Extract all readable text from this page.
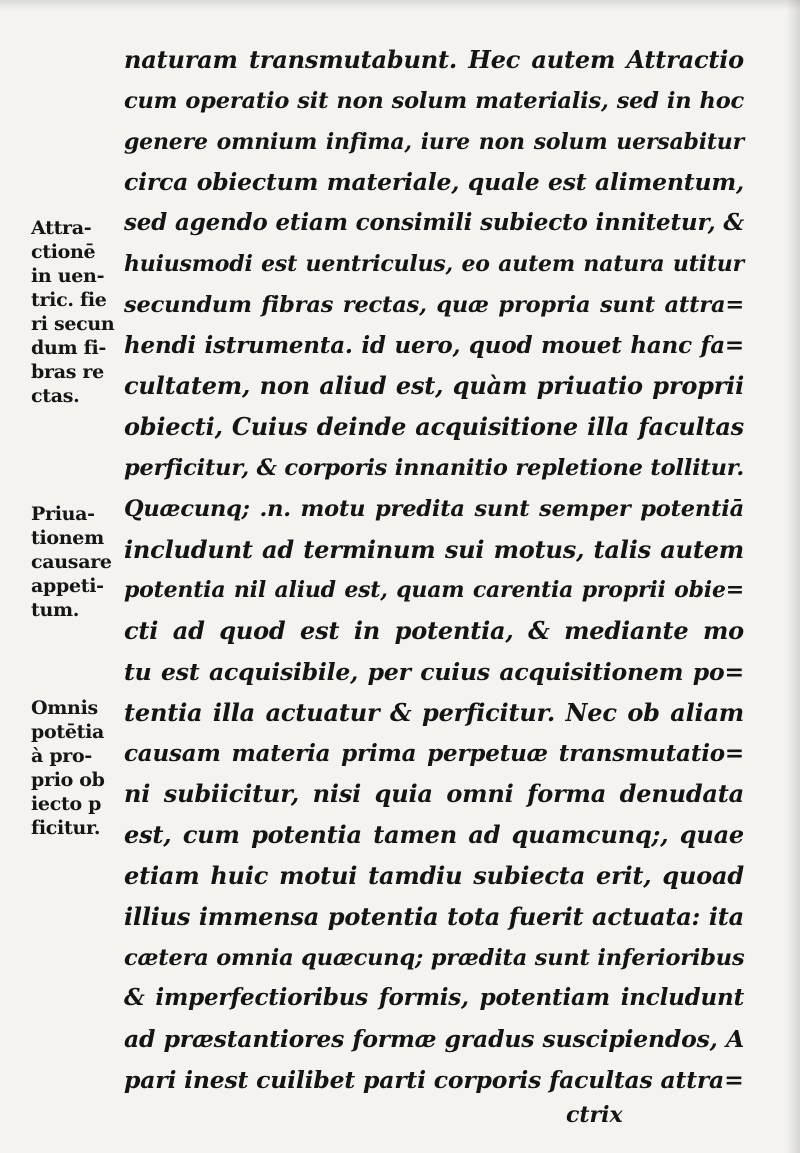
naturam transmutabunt. Hec autem Attractio
cum operatio sit non solum materialis, sed in hoc
genere omnium infima, iure non solum uersabitur
circa obiectum materiale, quale est alimentum,
sed agendo etiam consimili subiecto innitetur, &
huiusmodi est uentriculus, eo autem natura utitur
secundum fibras rectas, quæ propria sunt attra=
hendi istrumenta. id uero, quod mouet hanc fa=
cultatem, non aliud est, quàm priuatio proprii
obiecti, Cuius deinde acquisitione illa facultas
perficitur, & corporis innanitio repletione tollitur.
Quæcunq; .n. motu predita sunt semper potentiā
includunt ad terminum sui motus, talis autem
potentia nil aliud est, quam carentia proprii obie=
cti ad quod est in potentia, & mediante mo
tu est acquisibile, per cuius acquisitionem po=
tentia illa actuatur & perficitur. Nec ob aliam
causam materia prima perpetuæ transmutatio=
ni subiicitur, nisi quia omni forma denudata
est, cum potentia tamen ad quamcunq;, quae
etiam huic motui tamdiu subiecta erit, quoad
illius immensa potentia tota fuerit actuata: ita
cætera omnia quæcunq; prædita sunt inferioribus
& imperfectioribus formis, potentiam includunt
ad præstantiores formæ gradus suscipiendos, A
pari inest cuilibet parti corporis facultas attra=
Attra-
ctionē
in uen-
tric. fie
ri secun
dum fi-
bras re
ctas.
Priua-
tionem
causare
appeti-
tum.
Omnis
potētia
à pro-
prio ob
iecto p
ficitur.
ctrix
